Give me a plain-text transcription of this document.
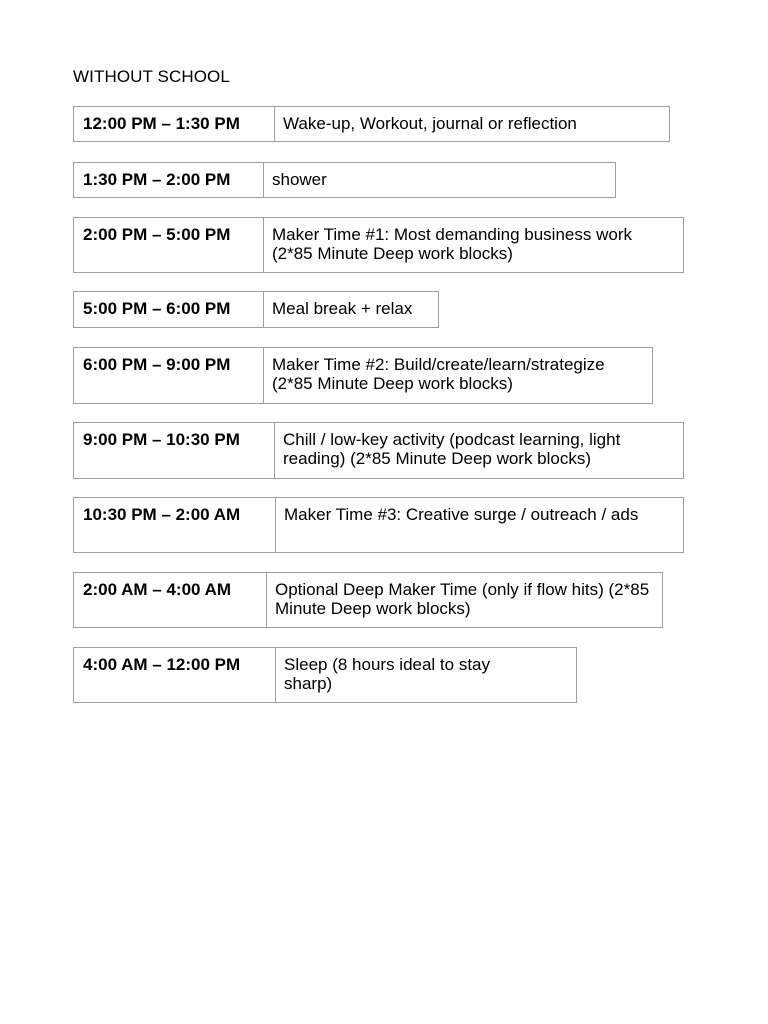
WITHOUT SCHOOL
12:00 PM – 1:30 PM	Wake-up, Workout, journal or reflection
1:30 PM – 2:00 PM	shower
2:00 PM – 5:00 PM	Maker Time #1: Most demanding business work (2*85 Minute Deep work blocks)
5:00 PM – 6:00 PM	Meal break + relax
6:00 PM – 9:00 PM	Maker Time #2: Build/create/learn/strategize (2*85 Minute Deep work blocks)
9:00 PM – 10:30 PM	Chill / low-key activity (podcast learning, light reading) (2*85 Minute Deep work blocks)
10:30 PM – 2:00 AM	Maker Time #3: Creative surge / outreach / ads
2:00 AM – 4:00 AM	Optional Deep Maker Time (only if flow hits) (2*85 Minute Deep work blocks)
4:00 AM – 12:00 PM	Sleep (8 hours ideal to stay sharp)
